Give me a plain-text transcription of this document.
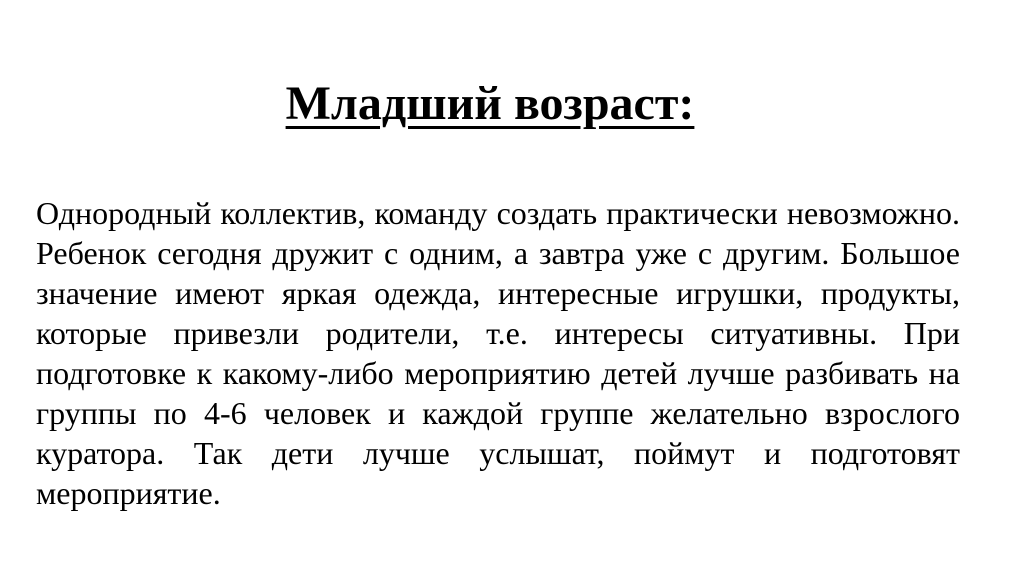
Младший возраст:

Однородный коллектив, команду создать практически невозможно. Ребенок сегодня дружит с одним, а завтра уже с другим. Большое значение имеют яркая одежда, интересные игрушки, продукты, которые привезли родители, т.е. интересы ситуативны. При подготовке к какому-либо мероприятию детей лучше разбивать на группы по 4-6 человек и каждой группе желательно взрослого куратора. Так дети лучше услышат, поймут и подготовят мероприятие.
